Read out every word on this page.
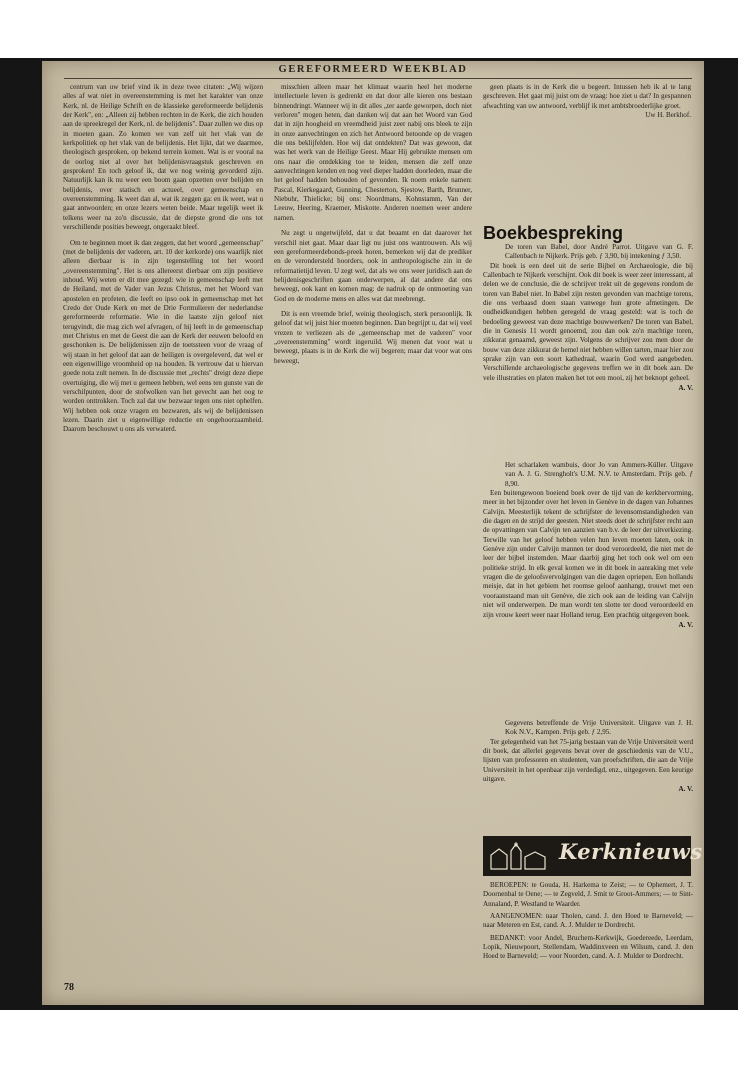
GEREFORMEERD WEEKBLAD

centrum van uw brief vind ik in deze twee citaten: „Wij wijzen alles af wat niet in overeenstemming is met het karakter van onze Kerk, nl. de Heilige Schrift en de klassieke gereformeerde belijdenis der Kerk", en: „Alleen zij hebben rechten in de Kerk, die zich houden aan de spreekregel der Kerk, nl. de belijdenis". Daar zullen we dus op in moeten gaan. Zo komen we van zelf uit het vlak van de kerkpolitiek op het vlak van de belijdenis. Het lijkt, dat we daarmee, theologisch gesproken, op bekend terrein komen. Wat is er vooral na de oorlog niet al over het belijdenisvraagstuk geschreven en gesproken! En toch geloof ik, dat we nog weinig gevorderd zijn. Natuurlijk kan ik nu weer een boom gaan opzetten over belijden en belijdenis, over statisch en actueel, over gemeenschap en overeenstemming. Ik weet dan al, wat ik zeggen ga: en ik weet, wat u gaat antwoorden; en onze lezers weten beide. Maar tegelijk weet ik telkens weer na zo'n discussie, dat de diepste grond die ons tot verschillende posities beweegt, ongeraakt bleef.

Om te beginnen moet ik dan zeggen, dat het woord „gemeenschap" (met de belijdenis der vaderen, art. 10 der kerkorde) ons waarlijk niet alleen dierbaar is in zijn tegenstelling tot het woord „overeenstemming". Het is ons allereerst dierbaar om zijn positieve inhoud. Wij weten er dit mee gezegd: wie in gemeenschap leeft met de Heiland, met de Vader van Jezus Christus, met het Woord van apostelen en profeten, die leeft eo ipso ook in gemeenschap met het Credo der Oude Kerk en met de Drie Formulieren der nederlandse gereformeerde reformatie. Wie in die laatste zijn geloof niet terugvindt, die mag zich wel afvragen, of hij leeft in de gemeenschap met Christus en met de Geest die aan de Kerk der eeuwen beloofd en geschonken is. De belijdenissen zijn de toetssteen voor de vraag of wij staan in het geloof dat aan de heiligen is overgeleverd, dat wel er een eigenwillige vroomheid op na houden. Ik vertrouw dat u hiervan goede nota zult nemen. In de discussie met „rechts" dreigt deze diepe overtuiging, die wij met u gemeen hebben, wel eens ten gunste van de verschilpunten, door de stofwolken van het gevecht aan het oog te worden onttrokken. Toch zal dat uw bezwaar tegen ons niet ophelfen. Wij hebben ook onze vragen en bezwaren, als wij de belijdenissen lezen. Daarin ziet u eigenwillige reductie en ongehoorzaamheid. Daarom beschouwt u ons als verwaterd.

misschien alleen maar het klimaat waarin heel het moderne intellectuele leven is gedrenkt en dat door alle kieren ons bestaan binnendringt. Wanneer wij in dit alles „ter aarde geworpen, doch niet verloren" mogen heten, dan danken wij dat aan het Woord van God dat in zijn hoogheid en vreemdheid juist zeer nabij ons bleek te zijn in onze aanvechtingen en zich het Antwoord betoonde op de vragen die ons beklijfelden. Hoe wij dat ontdekten? Dat was gewoon, dat was het werk van de Heilige Geest. Maar Hij gebruikte mensen om ons naar die ontdekking toe te leiden, mensen die zelf onze aanvechtingen kenden en nog veel dieper hadden doorleden, maar die het geloof hadden behouden of gevonden. Ik noem enkele namen: Pascal, Kierkegaard, Gunning, Chesterton, Sjestow, Barth, Brunner, Niebuhr, Thielicke; bij ons: Noordmans, Kohnstamm, Van der Leeuw, Heering, Kraemer, Miskotte. Anderen noemen weer andere namen.

Nu zegt u ongetwijfeld, dat u dat beaamt en dat daarover het verschil niet gaat. Maar daar ligt nu juist ons wantrouwen. Als wij een gereformeerdebonds-preek horen, bemerken wij dat de prediker en de verondersteld hoorders, ook in anthropologische zin in de reformatietijd leven. U zegt wel, dat als we ons weer juridisch aan de belijdenisgeschriften gaan onderwerpen, al dat andere dat ons beweegt, ook kant en komen mag: de nadruk op de ontmoeting van God en de moderne mens en alles wat dat meebrengt.

Dit is een vreemde brief, weinig theologisch, sterk persoonlijk. Ik geloof dat wij juist hier moeten beginnen. Dan begrijpt u, dat wij veel vrezen te verliezen als de „gemeenschap met de vaderen" voor „overeenstemming" wordt ingeruild. Wij menen dat voor wat u beweegt, plaats is in de Kerk die wij begeren; maar dat voor wat ons beweegt,

geen plaats is in de Kerk die u begeert. Intussen heb ik al te lang geschreven. Het gaat mij juist om de vraag: hoe ziet u dat? In gespannen afwachting van uw antwoord, verblijf ik met ambtsbroederlijke groet.

Uw H. Berkhof.
Boekbespreking
De toren van Babel, door André Parrot. Uitgave van G. F. Callenbach te Nijkerk. Prijs geb. ƒ 3,90, bij intekening ƒ 3,50.

Dit boek is een deel uit de serie Bijbel en Archaeologie, die bij Callenbach te Nijkerk verschijnt. Ook dit boek is weer zeer interessant, al delen we de conclusie, die de schrijver trekt uit de gegevens rondom de toren van Babel niet. In Babel zijn resten gevonden van machtige torens, die ons verbaasd doen staan vanwege hun grote afmetingen. De oudheidkundigen hebben geregeld de vraag gesteld: wat is toch de bedoeling geweest van deze machtige bouwwerken? De toren van Babel, die in Genesis 11 wordt genoemd, zou dan ook zo'n machtige toren, zikkurat genaamd, geweest zijn. Volgens de schrijver zou men door de bouw van deze zikkurat de hemel niet hebben willen tarten, maar hier zou sprake zijn van een soort kathedraal, waarin God werd aangebeden. Verschillende archaeologische gegevens treffen we in dit boek aan. De vele illustraties en platen maken het tot een mooi, zij het beknopt geheel.

A. V.
Het scharlaken wambuis, door Jo van Ammers-Küller. Uitgave van A. J. G. Strengholt's U.M. N.V. te Amsterdam. Prijs geb. ƒ 8,90.

Een buitengewoon boeiend boek over de tijd van de kerkhervorming, meer in het bijzonder over het leven in Genève in de dagen van Johannes Calvijn. Meesterlijk tekent de schrijfster de levensomstandigheden van die dagen en de strijd der geesten. Niet steeds doet de schrijfster recht aan de opvattingen van Calvijn ten aanzien van b.v. de leer der uitverkiezing. Terwille van het geloof hebben velen hun leven moeten laten, ook in Genève zijn onder Calvijn mannen ter dood veroordeeld, die niet met de leer der bijbel instemden. Maar daarbij ging het toch ook wel om een politieke strijd. In elk geval komen we in dit boek in aanraking met vele vragen die de geloofsvervolgingen van die dagen opriepen. Een hollands meisje, dat in het gebiem het roomse geloof aanhangt, trouwt met een vooraanstaand man uit Genève, die zich ook aan de leiding van Calvijn niet wil onderwerpen. De man wordt ten slotte ter dood veroordeeld en zijn vrouw keert weer naar Holland terug. Een prachtig uitgegeven boek.

A. V.
Gegevens betreffende de Vrije Universiteit. Uitgave van J. H. Kok N.V., Kampen. Prijs geb. ƒ 2,95.

Ter gelegenheid van het 75-jarig bestaan van de Vrije Universiteit werd dit boek, dat allerlei gegevens bevat over de geschiedenis van de V.U., lijsten van professoren en studenten, van proefschriften, die aan de Vrije Universiteit in het openbaar zijn verdedigd, enz., uitgegeven. Een keurige uitgave.

A. V.
Kerknieuws

BEROEPEN: te Gouda, H. Harkema te Zeist; — te Ophemert, J. T. Doornenbal te Oene; — te Zegveld, J. Smit te Groot-Ammers; — te Sint-Annaland, P. Westland te Waarder.

AANGENOMEN: naar Tholen, cand. J. den Hoed te Barneveld; — naar Meteren en Est, cand. A. J. Mulder te Dordrecht.

BEDANKT: voor Andel, Bruchem-Kerkwijk, Goedereede, Leerdam, Lopik, Nieuwpoort, Stellendam, Waddinxveen en Wilsum, cand. J. den Hoed te Barneveld; — voor Noorden, cand. A. J. Mulder te Dordrecht.

78
